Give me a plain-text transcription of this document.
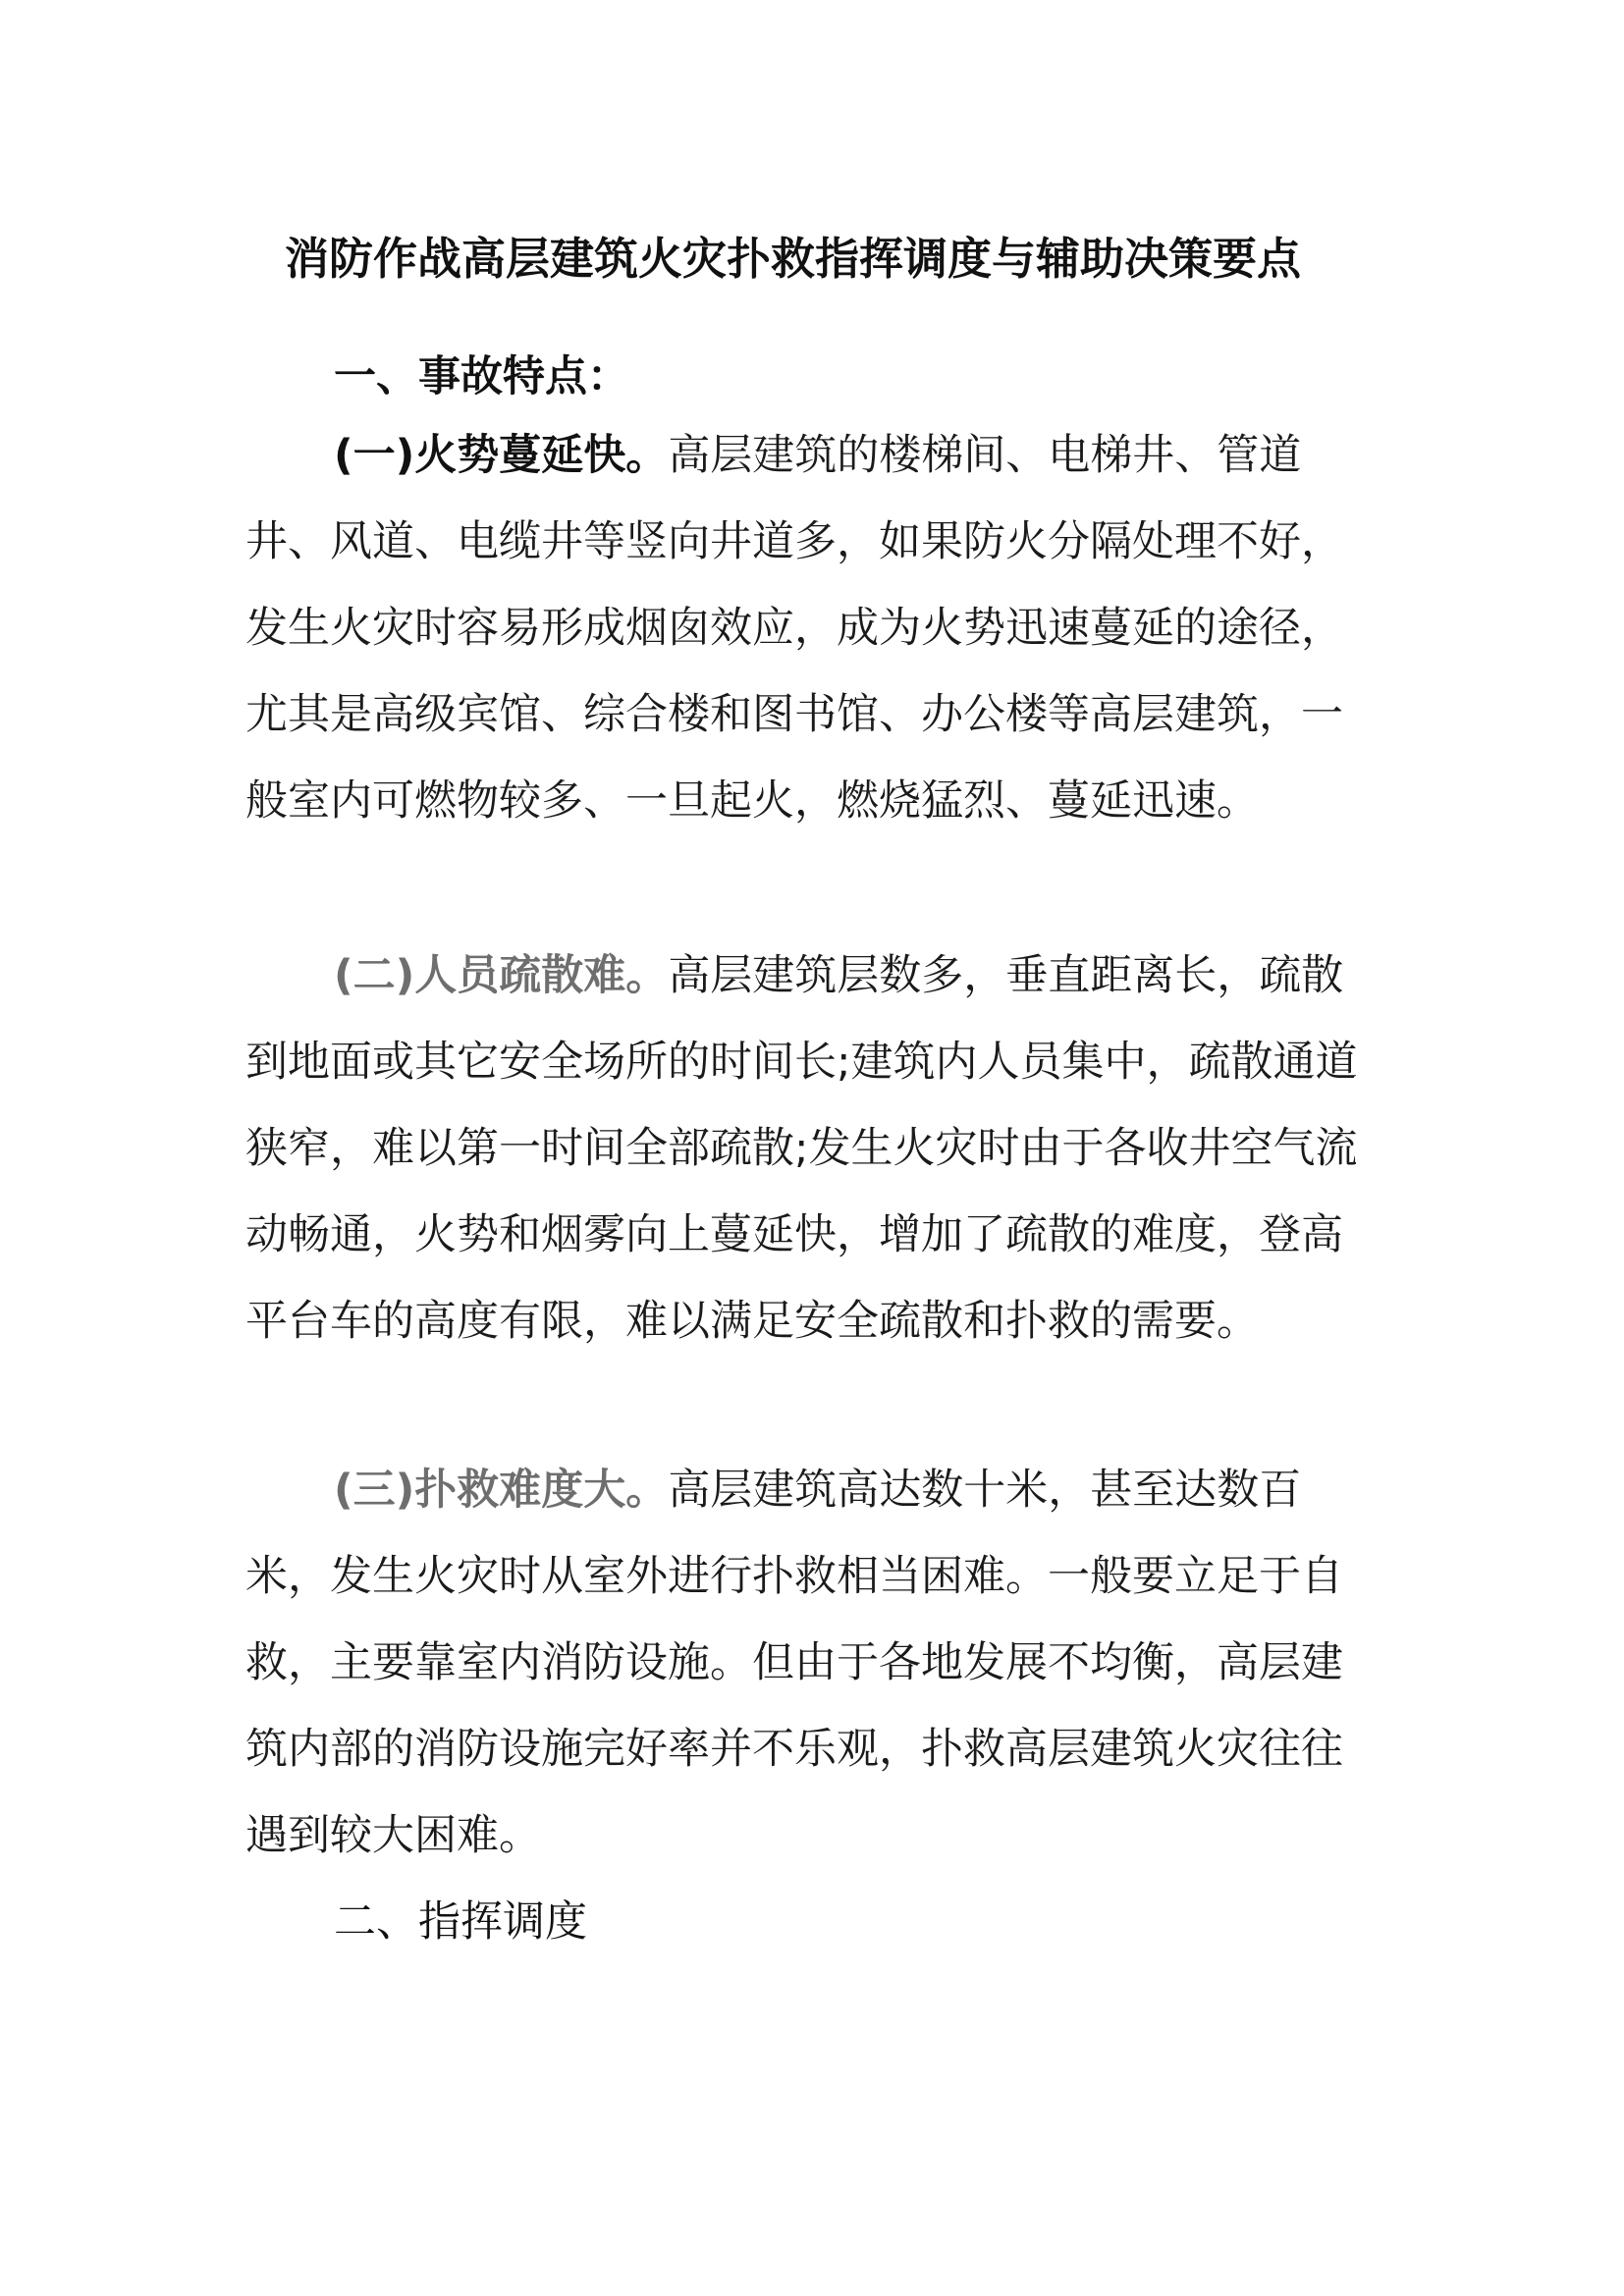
消防作战高层建筑火灾扑救指挥调度与辅助决策要点
一、事故特点：
(一)火势蔓延快。高层建筑的楼梯间、电梯井、管道井、风道、电缆井等竖向井道多，如果防火分隔处理不好，发生火灾时容易形成烟囱效应，成为火势迅速蔓延的途径，尤其是高级宾馆、综合楼和图书馆、办公楼等高层建筑，一般室内可燃物较多、一旦起火，燃烧猛烈、蔓延迅速。
(二)人员疏散难。高层建筑层数多，垂直距离长，疏散到地面或其它安全场所的时间长;建筑内人员集中，疏散通道狭窄，难以第一时间全部疏散;发生火灾时由于各收井空气流动畅通，火势和烟雾向上蔓延快，增加了疏散的难度，登高平台车的高度有限，难以满足安全疏散和扑救的需要。
(三)扑救难度大。高层建筑高达数十米，甚至达数百米，发生火灾时从室外进行扑救相当困难。一般要立足于自救，主要靠室内消防设施。但由于各地发展不均衡，高层建筑内部的消防设施完好率并不乐观，扑救高层建筑火灾往往遇到较大困难。
二、指挥调度
